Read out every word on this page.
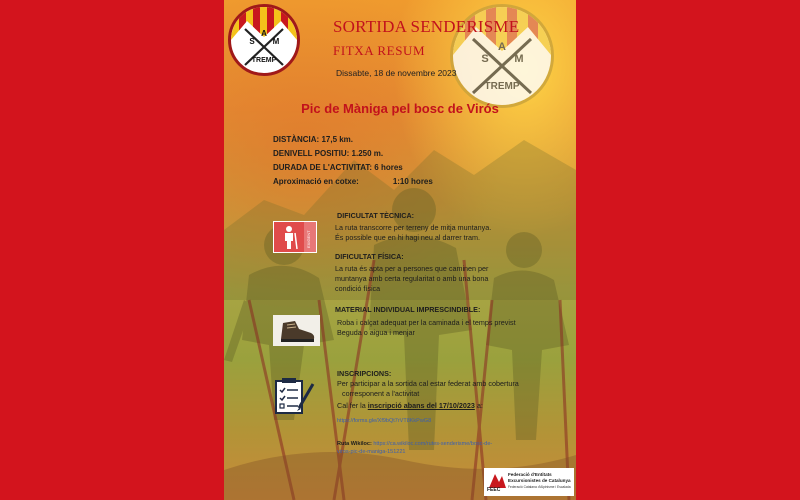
S
A
M
TREMP	S
A
M
TREMP
SORTIDA SENDERISME
FITXA RESUM
Dissabte, 18 de novembre 2023
Pic de Màniga pel bosc de Virós
DISTÀNCIA: 17,5 km.
DENIVELL POSITIU: 1.250 m.
DURADA DE L'ACTIVITAT: 6 hores
Aproximació en cotxe:	1:10 hores
EXIGENT
DIFICULTAT TÈCNICA:
La ruta transcorre per terreny de mitja muntanya.
És possible que en hi hagi neu al darrer tram.
DIFICULTAT FÍSICA:
La ruta és apta per a persones que caminen per
muntanya amb certa regularitat o amb una bona
condició física
MATERIAL INDIVIDUAL IMPRESCINDIBLE:
Roba i calçat adequat per la caminada i el temps previst
Beguda o aigua i menjar
INSCRIPCIONS:
Per participar a la sortida cal estar federat amb cobertura
corresponent a l'activitat
Cal fer la inscripció abans del 17/10/2023 a:
https://forms.gle/Xf9bQt7rVT8KkPwG8
Ruta Wikiloc: https://ca.wikiloc.com/rutes-senderisme/bosc-de-
viros-pic-de-maniga-151221
FEEC
Federació d'Entitats
Excursionistes de Catalunya
Federació Catalana d'Alpinisme i Escalada
